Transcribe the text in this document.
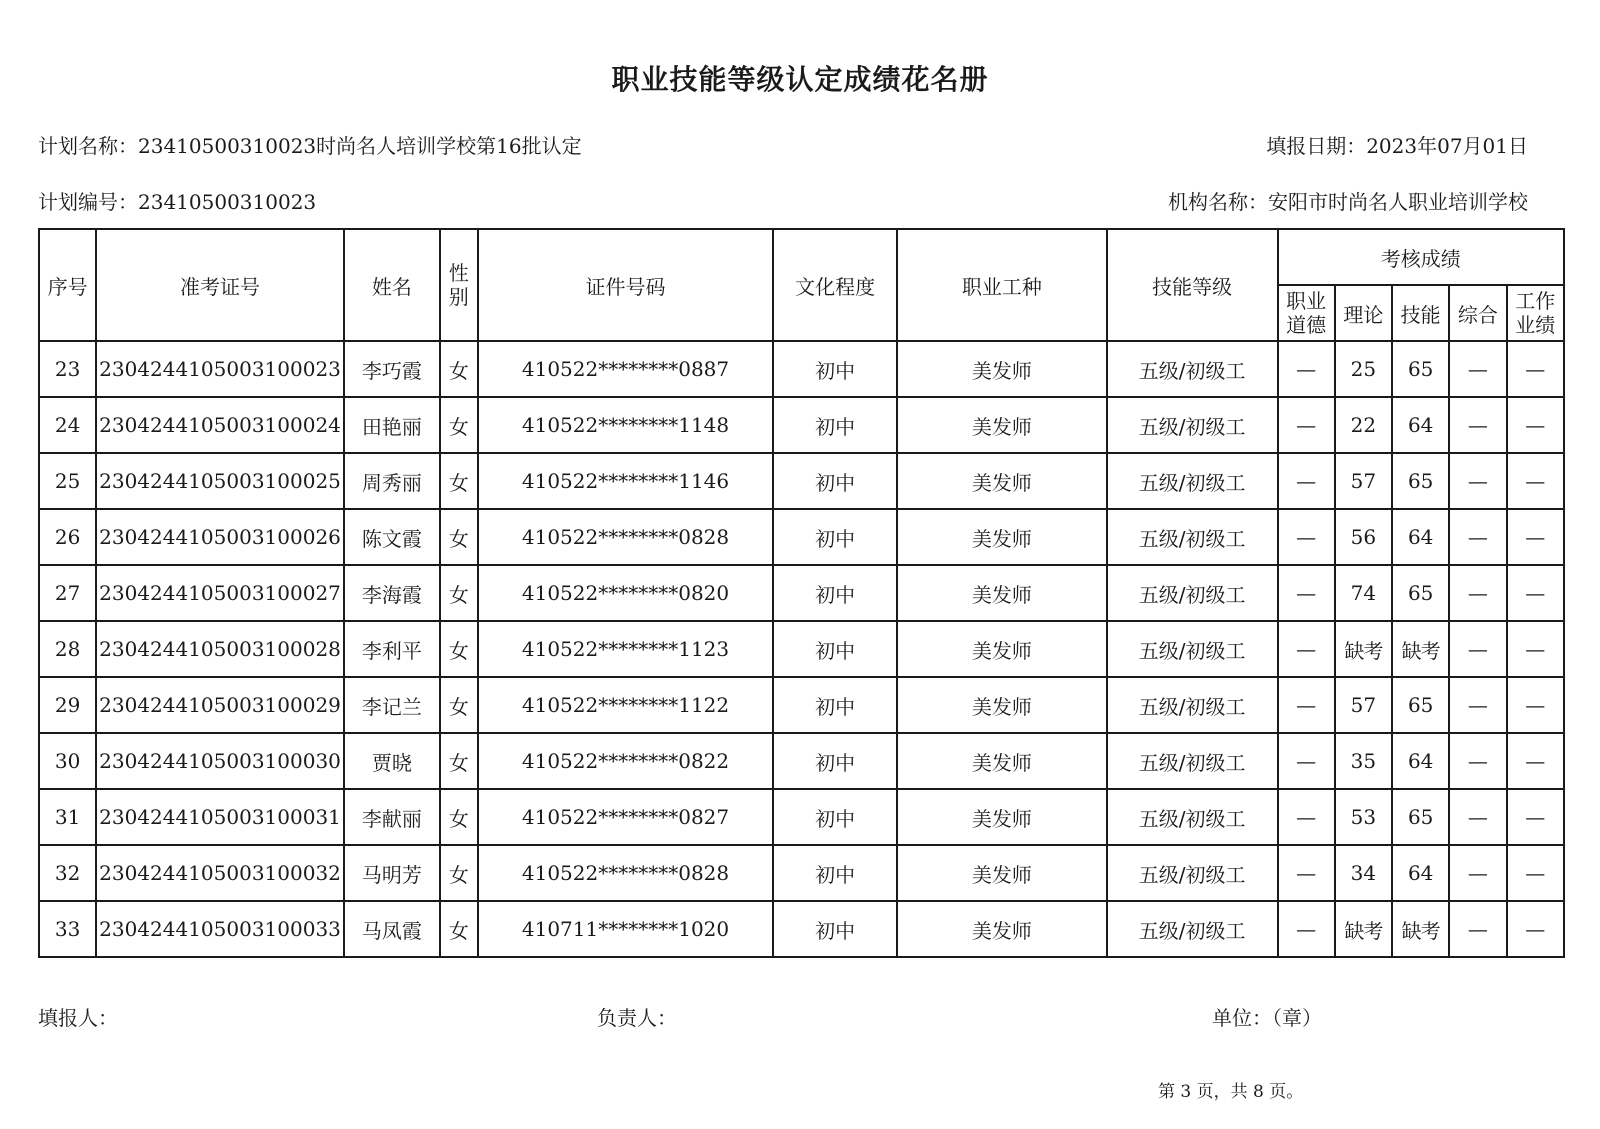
职业技能等级认定成绩花名册
计划名称：23410500310023时尚名人培训学校第16批认定	填报日期：2023年07月01日
计划编号：23410500310023	机构名称：安阳市时尚名人职业培训学校
序号	准考证号	姓名	性别	证件号码	文化程度	职业工种	技能等级	考核成绩				
								职业道德	理论	技能	综合	工作业绩
23	2304244105003100023	李巧霞	女	410522********0887	初中	美发师	五级/初级工	—	25	65	—	—
24	2304244105003100024	田艳丽	女	410522********1148	初中	美发师	五级/初级工	—	22	64	—	—
25	2304244105003100025	周秀丽	女	410522********1146	初中	美发师	五级/初级工	—	57	65	—	—
26	2304244105003100026	陈文霞	女	410522********0828	初中	美发师	五级/初级工	—	56	64	—	—
27	2304244105003100027	李海霞	女	410522********0820	初中	美发师	五级/初级工	—	74	65	—	—
28	2304244105003100028	李利平	女	410522********1123	初中	美发师	五级/初级工	—	缺考	缺考	—	—
29	2304244105003100029	李记兰	女	410522********1122	初中	美发师	五级/初级工	—	57	65	—	—
30	2304244105003100030	贾晓	女	410522********0822	初中	美发师	五级/初级工	—	35	64	—	—
31	2304244105003100031	李献丽	女	410522********0827	初中	美发师	五级/初级工	—	53	65	—	—
32	2304244105003100032	马明芳	女	410522********0828	初中	美发师	五级/初级工	—	34	64	—	—
33	2304244105003100033	马凤霞	女	410711********1020	初中	美发师	五级/初级工	—	缺考	缺考	—	—
填报人：	负责人：	单位：（章）
第 3 页，共 8 页。
